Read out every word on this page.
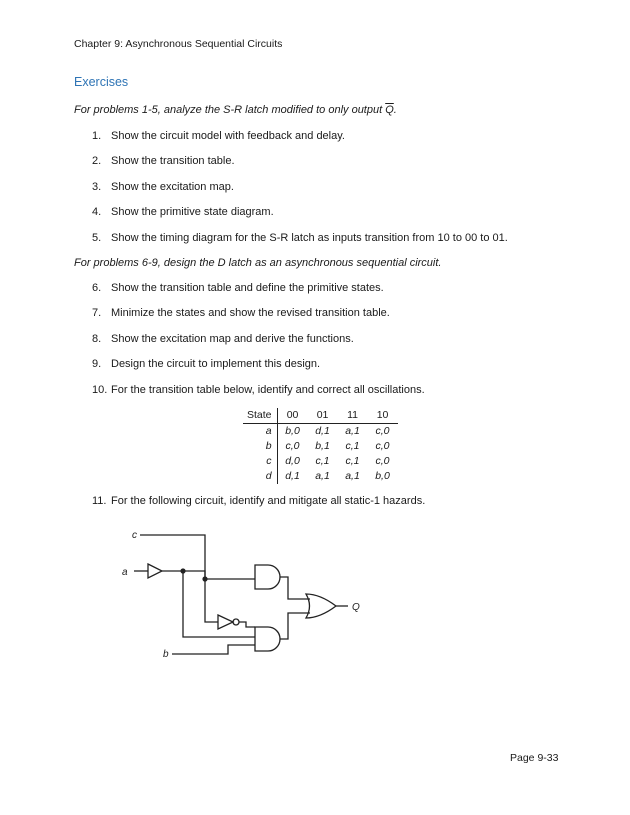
Chapter 9: Asynchronous Sequential Circuits
Exercises
For problems 1-5, analyze the S-R latch modified to only output $\overline{Q}$.
1. Show the circuit model with feedback and delay.
2. Show the transition table.
3. Show the excitation map.
4. Show the primitive state diagram.
5. Show the timing diagram for the S-R latch as inputs transition from 10 to 00 to 01.
For problems 6-9, design the D latch as an asynchronous sequential circuit.
6. Show the transition table and define the primitive states.
7. Minimize the states and show the revised transition table.
8. Show the excitation map and derive the functions.
9. Design the circuit to implement this design.
10. For the transition table below, identify and correct all oscillations.
State	00	01	11	10
a	b,0	d,1	a,1	c,0
b	c,0	b,1	c,1	c,0
c	d,0	c,1	c,1	c,0
d	d,1	a,1	a,1	b,0
11. For the following circuit, identify and mitigate all static-1 hazards.
c
a
b
Q
Page 9-33
